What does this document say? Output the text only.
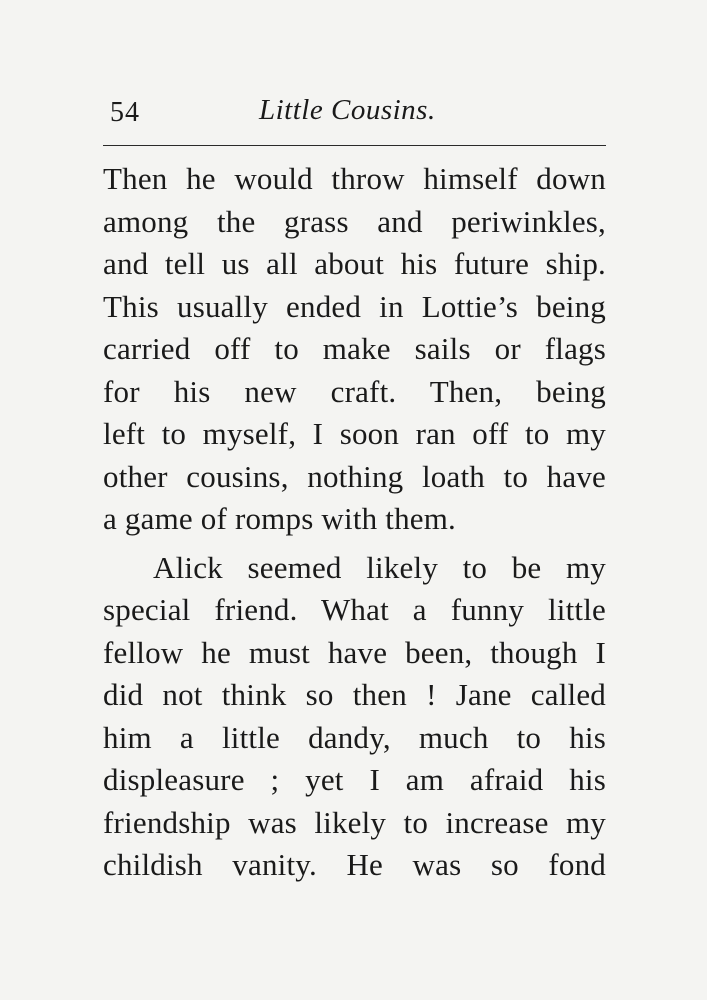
54	Little Cousins.
Then he would throw himself down
among the grass and periwinkles,
and tell us all about his future ship.
This usually ended in Lottie’s being
carried off to make sails or flags
for his new craft. Then, being
left to myself, I soon ran off to my
other cousins, nothing loath to have
a game of romps with them.
Alick seemed likely to be my
special friend. What a funny little
fellow he must have been, though I
did not think so then ! Jane called
him a little dandy, much to his
displeasure ; yet I am afraid his
friendship was likely to increase my
childish vanity. He was so fond
